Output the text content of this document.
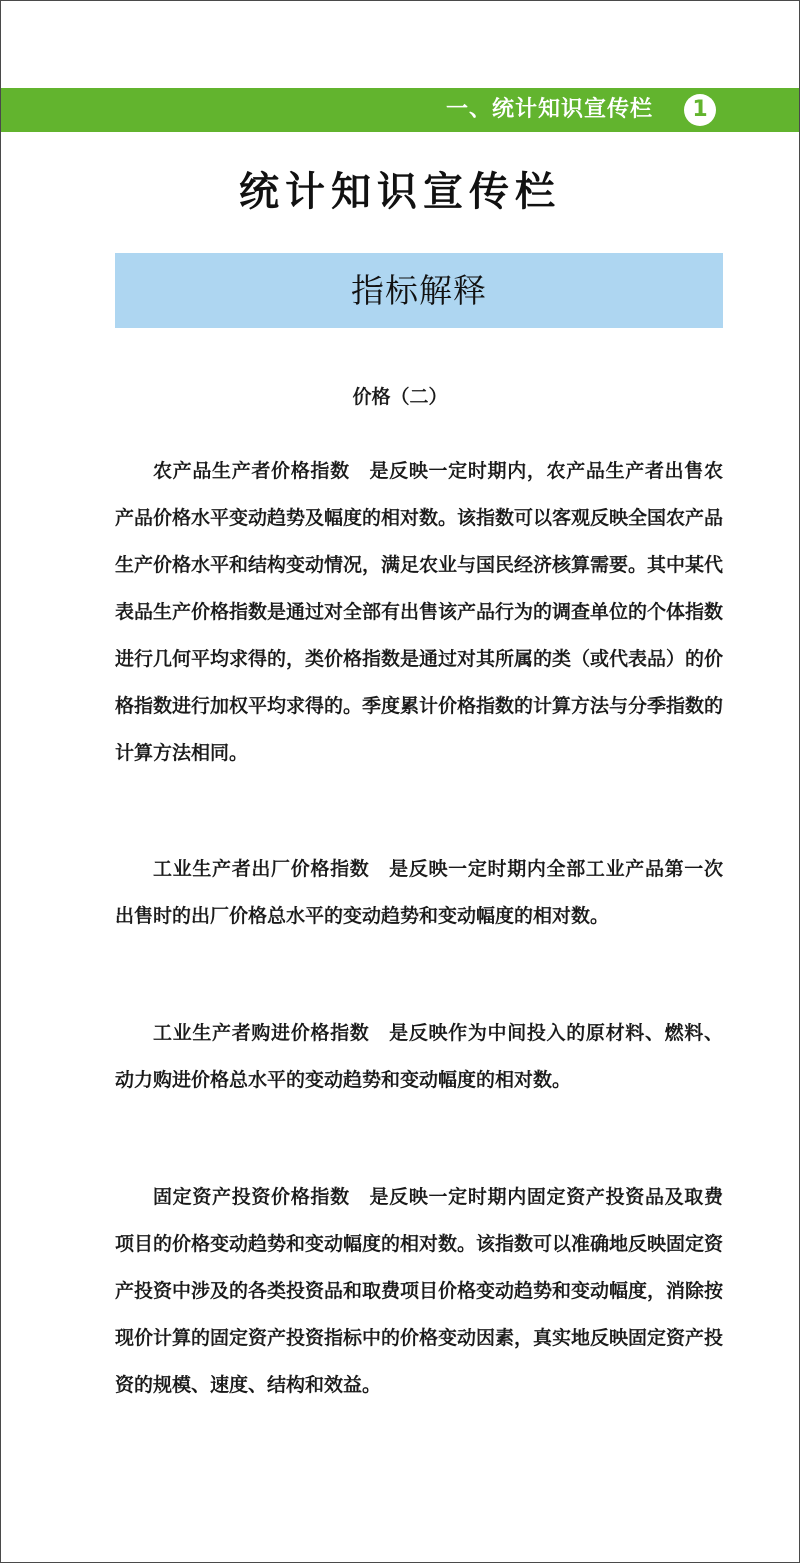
一、统计知识宣传栏	1
统计知识宣传栏
指标解释
价格（二）

农产品生产者价格指数　 是反映一定时期内，农产品生产者出售农产品价格水平变动趋势及幅度的相对数。该指数可以客观反映全国农产品生产价格水平和结构变动情况，满足农业与国民经济核算需要。其中某代表品生产价格指数是通过对全部有出售该产品行为的调查单位的个体指数进行几何平均求得的，类价格指数是通过对其所属的类（或代表品）的价格指数进行加权平均求得的。季度累计价格指数的计算方法与分季指数的计算方法相同。

工业生产者出厂价格指数　 是反映一定时期内全部工业产品第一次出售时的出厂价格总水平的变动趋势和变动幅度的相对数。

工业生产者购进价格指数　 是反映作为中间投入的原材料、燃料、动力购进价格总水平的变动趋势和变动幅度的相对数。

固定资产投资价格指数　 是反映一定时期内固定资产投资品及取费项目的价格变动趋势和变动幅度的相对数。该指数可以准确地反映固定资产投资中涉及的各类投资品和取费项目价格变动趋势和变动幅度，消除按现价计算的固定资产投资指标中的价格变动因素，真实地反映固定资产投资的规模、速度、结构和效益。
